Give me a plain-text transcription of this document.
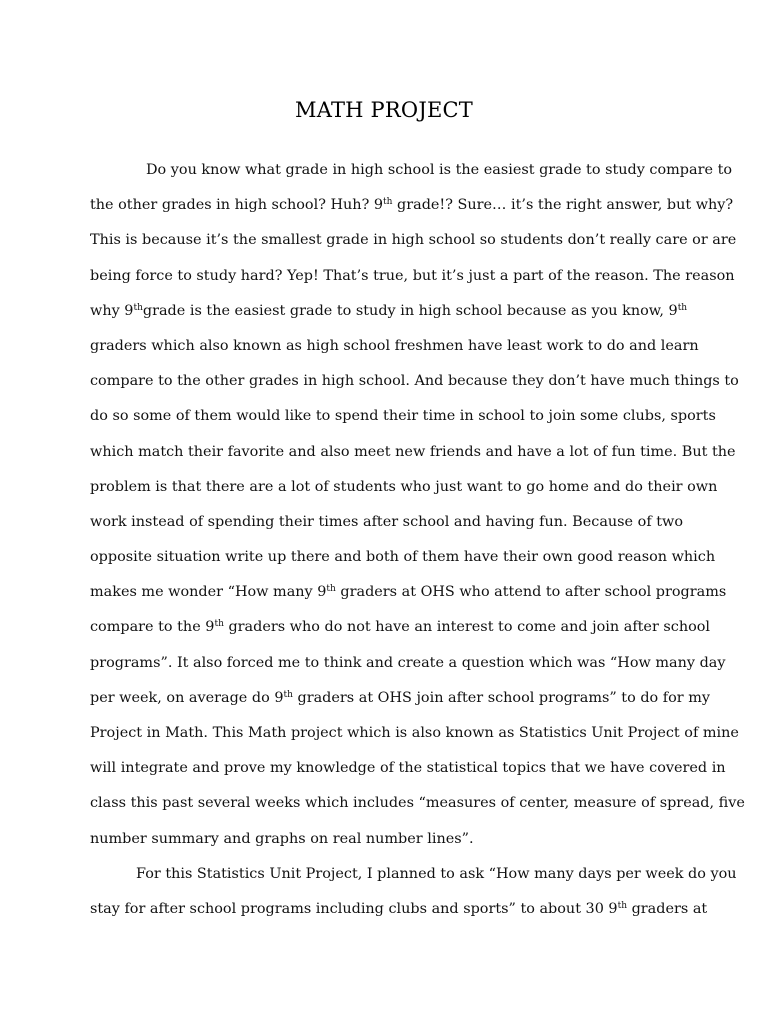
MATH PROJECT
Do you know what grade in high school is the easiest grade to study compare to
the other grades in high school? Huh? 9th grade!? Sure… it’s the right answer, but why?
This is because it’s the smallest grade in high school so students don’t really care or are
being force to study hard? Yep! That’s true, but it’s just a part of the reason. The reason
why 9thgrade is the easiest grade to study in high school because as you know, 9th
graders which also known as high school freshmen have least work to do and learn
compare to the other grades in high school. And because they don’t have much things to
do so some of them would like to spend their time in school to join some clubs, sports
which match their favorite and also meet new friends and have a lot of fun time. But the
problem is that there are a lot of students who just want to go home and do their own
work instead of spending their times after school and having fun. Because of two
opposite situation write up there and both of them have their own good reason which
makes me wonder “How many 9th graders at OHS who attend to after school programs
compare to the 9th graders who do not have an interest to come and join after school
programs”. It also forced me to think and create a question which was “How many day
per week, on average do 9th graders at OHS join after school programs” to do for my
Project in Math. This Math project which is also known as Statistics Unit Project of mine
will integrate and prove my knowledge of the statistical topics that we have covered in
class this past several weeks which includes “measures of center, measure of spread, five
number summary and graphs on real number lines”.
For this Statistics Unit Project, I planned to ask “How many days per week do you
stay for after school programs including clubs and sports” to about 30 9th graders at
